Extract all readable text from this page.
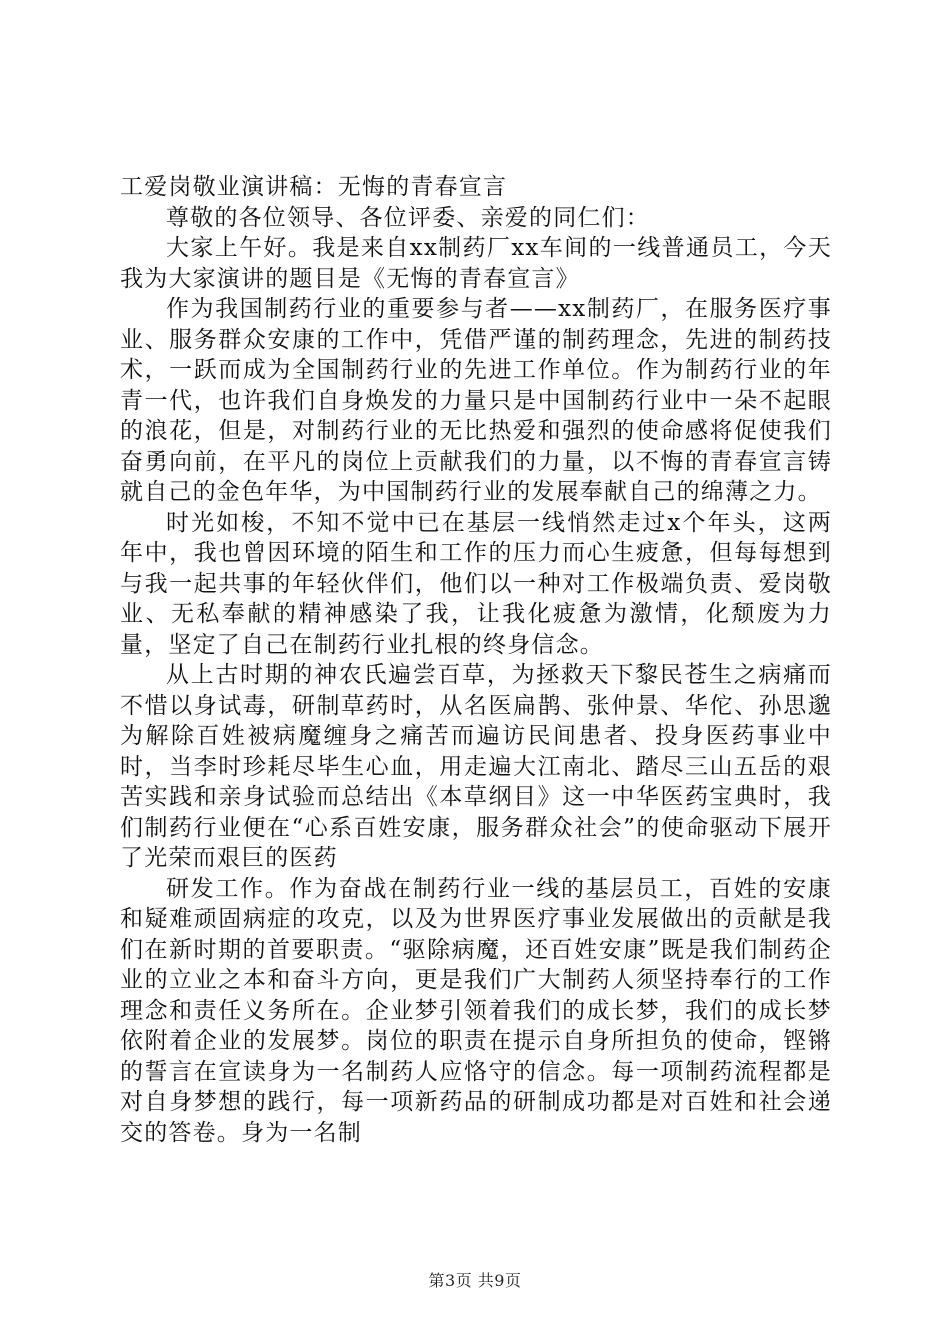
工爱岗敬业演讲稿：无悔的青春宣言

尊敬的各位领导、各位评委、亲爱的同仁们：

大家上午好。我是来自xx制药厂xx车间的一线普通员工，今天我为大家演讲的题目是《无悔的青春宣言》

作为我国制药行业的重要参与者——xx制药厂，在服务医疗事业、服务群众安康的工作中，凭借严谨的制药理念，先进的制药技术，一跃而成为全国制药行业的先进工作单位。作为制药行业的年青一代，也许我们自身焕发的力量只是中国制药行业中一朵不起眼的浪花，但是，对制药行业的无比热爱和强烈的使命感将促使我们奋勇向前，在平凡的岗位上贡献我们的力量，以不悔的青春宣言铸就自己的金色年华，为中国制药行业的发展奉献自己的绵薄之力。

时光如梭，不知不觉中已在基层一线悄然走过x个年头，这两年中，我也曾因环境的陌生和工作的压力而心生疲惫，但每每想到与我一起共事的年轻伙伴们，他们以一种对工作极端负责、爱岗敬业、无私奉献的精神感染了我，让我化疲惫为激情，化颓废为力量，坚定了自己在制药行业扎根的终身信念。

从上古时期的神农氏遍尝百草，为拯救天下黎民苍生之病痛而不惜以身试毒，研制草药时，从名医扁鹊、张仲景、华佗、孙思邈为解除百姓被病魔缠身之痛苦而遍访民间患者、投身医药事业中时，当李时珍耗尽毕生心血，用走遍大江南北、踏尽三山五岳的艰苦实践和亲身试验而总结出《本草纲目》这一中华医药宝典时，我们制药行业便在“心系百姓安康，服务群众社会”的使命驱动下展开了光荣而艰巨的医药

研发工作。作为奋战在制药行业一线的基层员工，百姓的安康和疑难顽固病症的攻克，以及为世界医疗事业发展做出的贡献是我们在新时期的首要职责。“驱除病魔，还百姓安康”既是我们制药企业的立业之本和奋斗方向，更是我们广大制药人须坚持奉行的工作理念和责任义务所在。企业梦引领着我们的成长梦，我们的成长梦依附着企业的发展梦。岗位的职责在提示自身所担负的使命，铿锵的誓言在宣读身为一名制药人应恪守的信念。每一项制药流程都是对自身梦想的践行，每一项新药品的研制成功都是对百姓和社会递交的答卷。身为一名制

第3页 共9页
